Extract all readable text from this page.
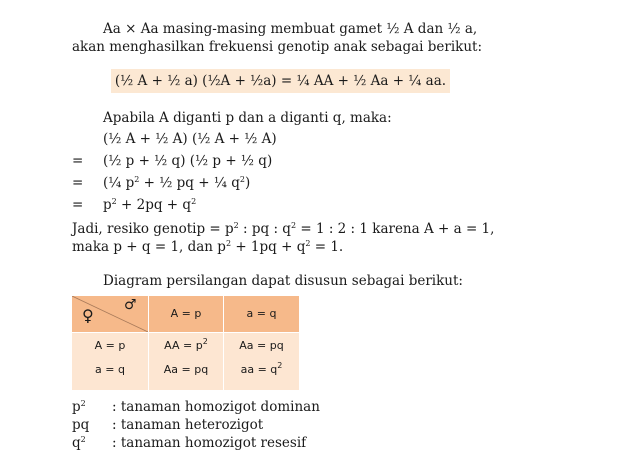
Aa × Aa masing-masing membuat gamet ½ A dan ½ a,
akan menghasilkan frekuensi genotip anak sebagai berikut:
(½ A + ½ a) (½A + ½a) = ¼ AA + ½ Aa + ¼ aa.
Apabila A diganti p dan a diganti q, maka:
(½ A + ½ A) (½ A + ½ A)
= (½ p + ½ q) (½ p + ½ q)
= (¼ $p^2$ + ½ pq + ¼ $q^2$)
= $p^2 + 2pq + q^2$
Jadi, resiko genotip = $p^2$ : pq : $q^2 = 1$ : 2 : 1 karena A + a = 1,
maka p + q = 1, dan $p^2 + 1pq + q^2 = 1$.
Diagram persilangan dapat disusun sebagai berikut:
♀
♂
A = p	a = q
A = p
a = q
AA = $p^2$
Aa = pq
Aa = pq
aa = $q^2$
$p^2$ : tanaman homozigot dominan
pq : tanaman heterozigot
$q^2$ : tanaman homozigot resesif
